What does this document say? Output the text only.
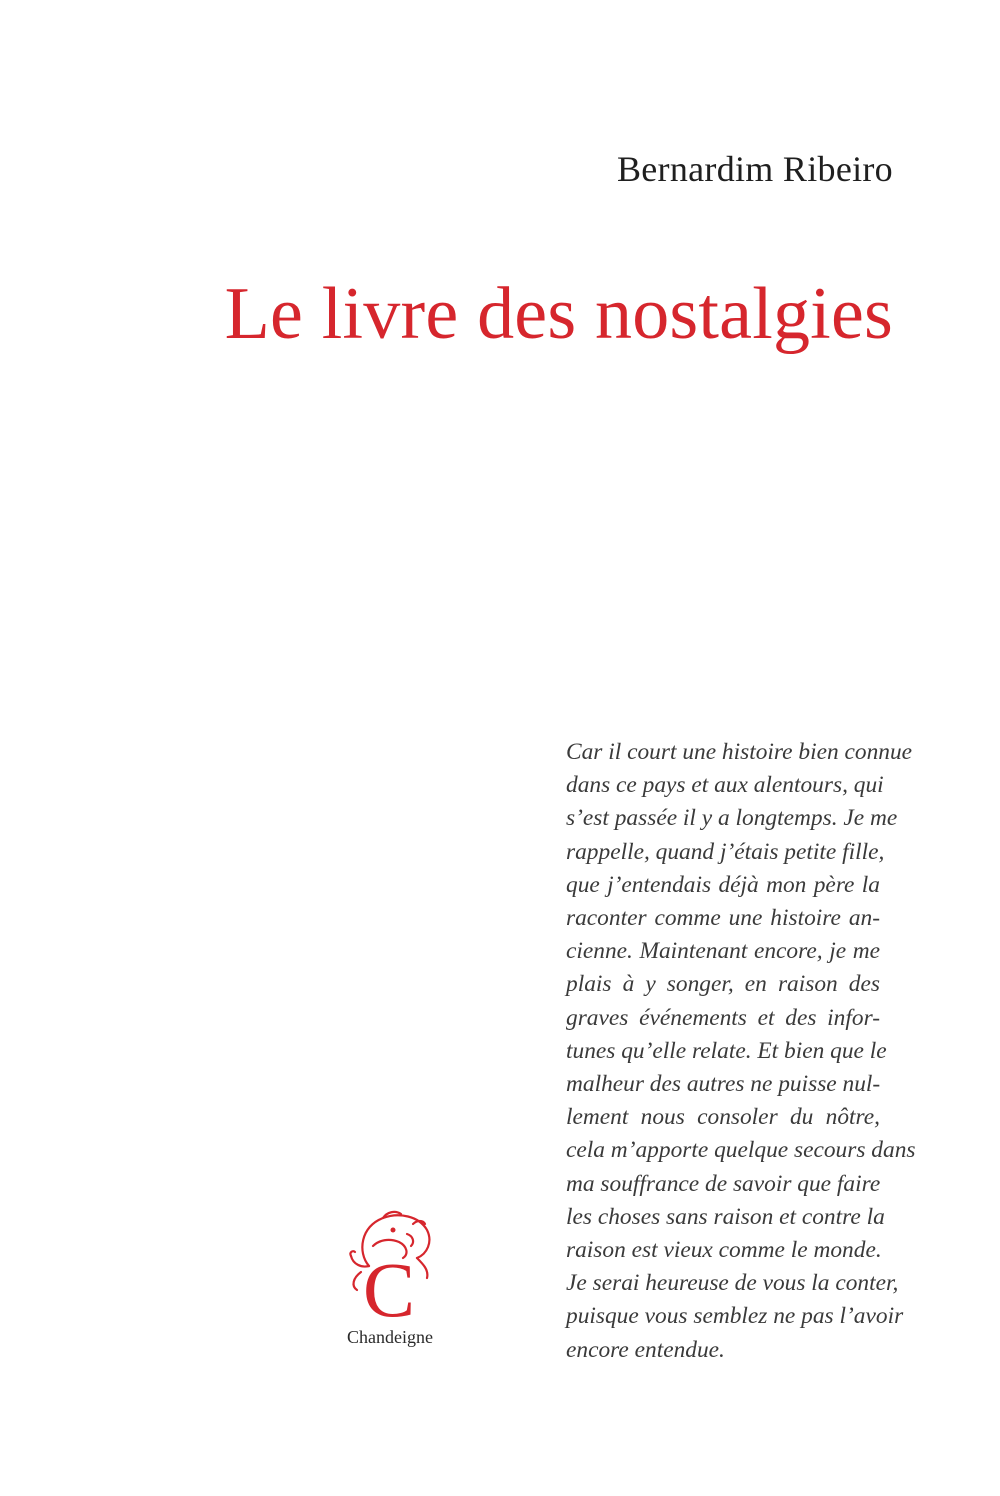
Bernardim Ribeiro
Le livre des nostalgies
Car il court une histoire bien connue
dans ce pays et aux alentours, qui
s’est passée il y a longtemps. Je me
rappelle, quand j’étais petite fille,
que j’entendais déjà mon père la
raconter comme une histoire an-
cienne. Maintenant encore, je me
plais à y songer, en raison des
graves événements et des infor-
tunes qu’elle relate. Et bien que le
malheur des autres ne puisse nul-
lement nous consoler du nôtre,
cela m’apporte quelque secours dans
ma souffrance de savoir que faire
les choses sans raison et contre la
raison est vieux comme le monde.
Je serai heureuse de vous la conter,
puisque vous semblez ne pas l’avoir
encore entendue.
C
Chandeigne
